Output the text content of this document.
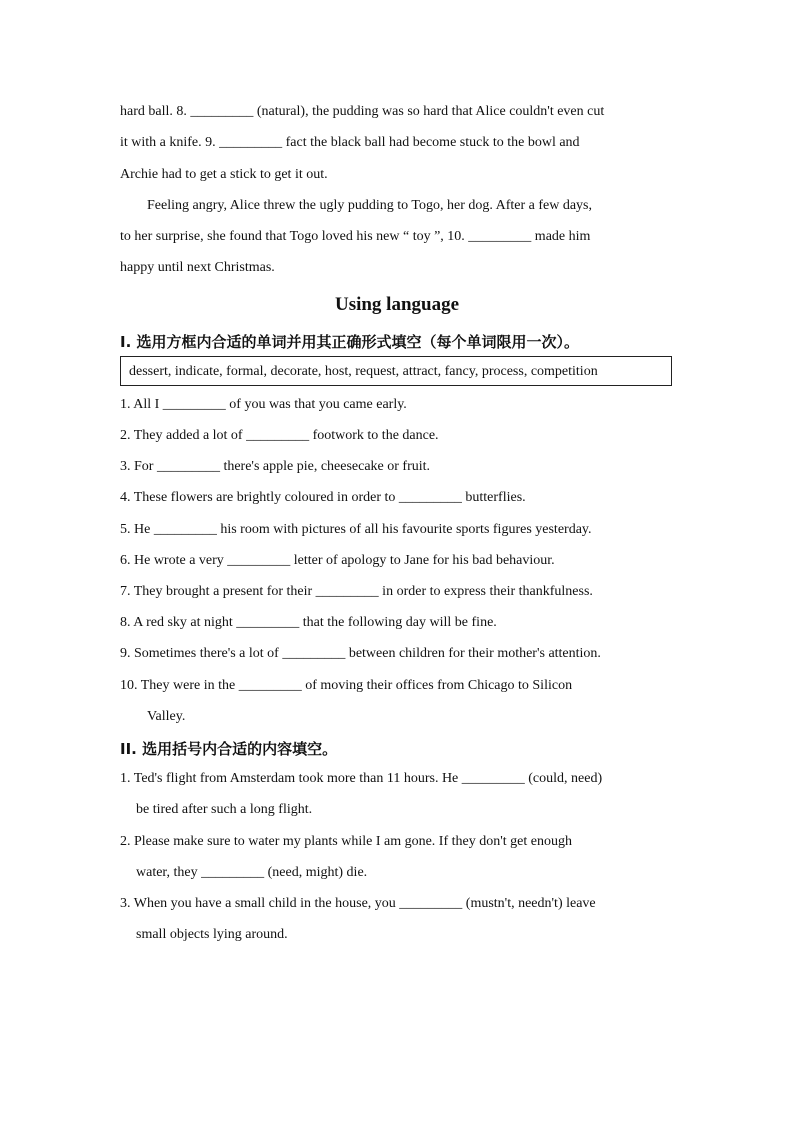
hard ball. 8. _________ (natural), the pudding was so hard that Alice couldn't even cut
it with a knife. 9. _________ fact the black ball had become stuck to the bowl and
Archie had to get a stick to get it out.
Feeling angry, Alice threw the ugly pudding to Togo, her dog. After a few days,
to her surprise, she found that Togo loved his new “ toy ”, 10. _________ made him
happy until next Christmas.
Using language
I. 选用方框内合适的单词并用其正确形式填空（每个单词限用一次）。
dessert, indicate, formal, decorate, host, request, attract, fancy, process, competition
1. All I _________ of you was that you came early.
2. They added a lot of _________ footwork to the dance.
3. For _________ there's apple pie, cheesecake or fruit.
4. These flowers are brightly coloured in order to _________ butterflies.
5. He _________ his room with pictures of all his favourite sports figures yesterday.
6. He wrote a very _________ letter of apology to Jane for his bad behaviour.
7. They brought a present for their _________ in order to express their thankfulness.
8. A red sky at night _________ that the following day will be fine.
9. Sometimes there's a lot of _________ between children for their mother's attention.
10. They were in the _________ of moving their offices from Chicago to Silicon
Valley.
II. 选用括号内合适的内容填空。
1. Ted's flight from Amsterdam took more than 11 hours. He _________ (could, need)
be tired after such a long flight.
2. Please make sure to water my plants while I am gone. If they don't get enough
water, they _________ (need, might) die.
3. When you have a small child in the house, you _________ (mustn't, needn't) leave
small objects lying around.
